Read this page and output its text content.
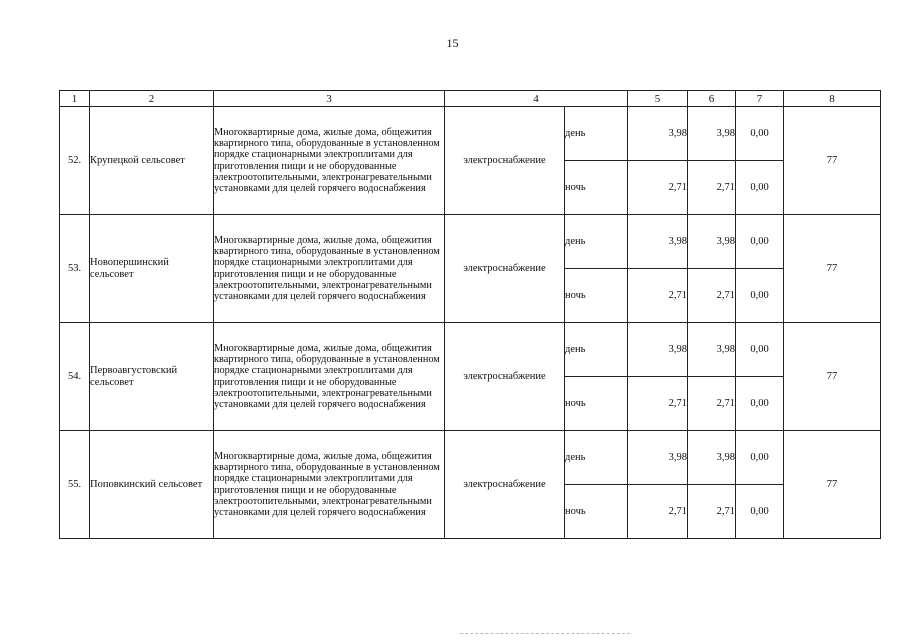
15
1	2	3	4		5	6	7	8
52.	Крупецкой сельсовет	Многоквартирные дома, жилые дома, общежития квартирного типа, оборудованные в установленном порядке стационарными электроплитами для приготовления пищи и не оборудованные электроотопительными, электронагревательными установками для целей горячего водоснабжения	электроснабжение	день	3,98	3,98	0,00	77
				ночь	2,71	2,71	0,00	
53.	Новопершинский сельсовет	Многоквартирные дома, жилые дома, общежития квартирного типа, оборудованные в установленном порядке стационарными электроплитами для приготовления пищи и не оборудованные электроотопительными, электронагревательными установками для целей горячего водоснабжения	электроснабжение	день	3,98	3,98	0,00	77
				ночь	2,71	2,71	0,00	
54.	Первоавгустовский сельсовет	Многоквартирные дома, жилые дома, общежития квартирного типа, оборудованные в установленном порядке стационарными электроплитами для приготовления пищи и не оборудованные электроотопительными, электронагревательными установками для целей горячего водоснабжения	электроснабжение	день	3,98	3,98	0,00	77
				ночь	2,71	2,71	0,00	
55.	Поповкинский сельсовет	Многоквартирные дома, жилые дома, общежития квартирного типа, оборудованные в установленном порядке стационарными электроплитами для приготовления пищи и не оборудованные электроотопительными, электронагревательными установками для целей горячего водоснабжения	электроснабжение	день	3,98	3,98	0,00	77
				ночь	2,71	2,71	0,00	
